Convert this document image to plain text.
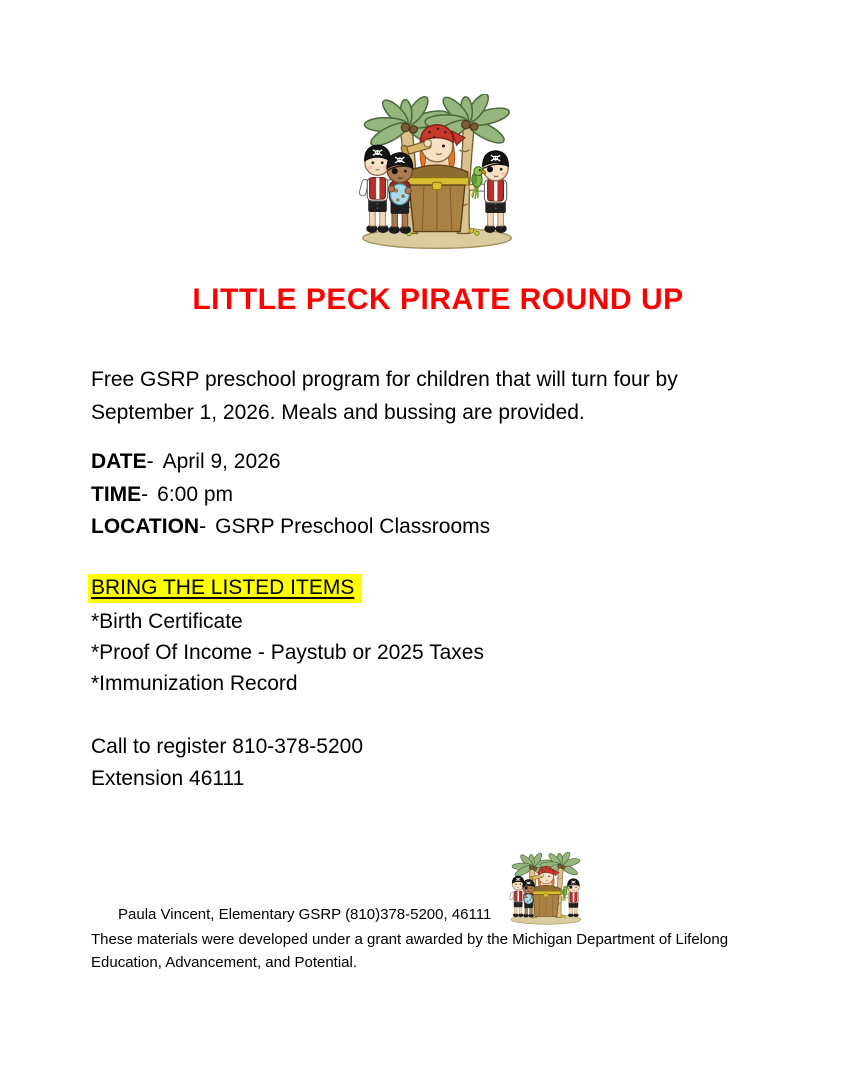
LITTLE PECK PIRATE ROUND UP
Free GSRP preschool program for children that will turn four by
September 1, 2026. Meals and bussing are provided.
DATE- April 9, 2026
TIME- 6:00 pm
LOCATION- GSRP Preschool Classrooms
BRING THE LISTED ITEMS
*Birth Certificate
*Proof Of Income - Paystub or 2025 Taxes
*Immunization Record
Call to register 810-378-5200
Extension 46111
Paula Vincent, Elementary GSRP (810)378-5200, 46111
These materials were developed under a grant awarded by the Michigan Department of Lifelong
Education, Advancement, and Potential.
